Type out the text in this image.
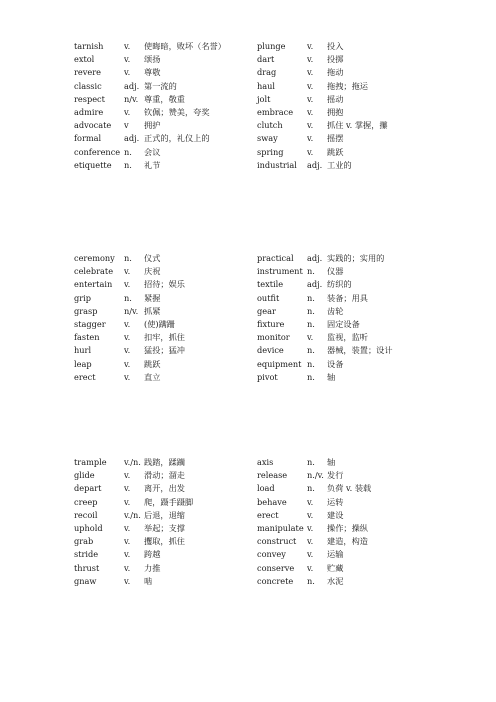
tarnish	v. 使晦暗，败坏（名誉）
extol	v. 颂扬
revere	v. 尊敬
classic	adj. 第一流的
respect n/v. 尊重，敬重
admire	v. 钦佩；赞美，夸奖
advocate v 拥护
formal	adj. 正式的，礼仪上的
conference n. 会议
etiquette n. 礼节
plunge	v. 投入
dart	v. 投掷
drag	v. 拖动
haul	v. 拖拽；拖运
jolt	v. 摇动
embrace v. 拥抱
clutch	v. 抓住 v. 掌握，攥
sway	v. 摇摆
spring	v. 跳跃
industrial adj. 工业的
ceremony n. 仪式
celebrate v. 庆祝
entertain v. 招待；娱乐
grip	n. 紧握
grasp	n/v. 抓紧
stagger v. (使)蹒跚
fasten	v. 扣牢，抓住
hurl	v. 猛投；猛冲
leap	v. 跳跃
erect	v. 直立
practical adj. 实践的；实用的
instrument n. 仪器
textile	adj. 纺织的
outfit	n. 装备；用具
gear	n. 齿轮
fixture	n. 固定设备
monitor v. 监视，监听
device	n. 器械，装置；设计
equipment n. 设备
pivot	n. 轴
trample v./n. 践踏，蹂躏
glide	v. 滑动；溜走
depart	v. 离开，出发
creep	v. 爬，蹑手蹑脚
recoil	v./n. 后退，退缩
uphold	v. 举起；支撑
grab	v. 攫取，抓住
stride	v. 跨越
thrust	v. 力推
gnaw	v. 啮
axis	n. 轴
release n./v. 发行
load	n. 负荷 v. 装载
behave v. 运转
erect	v. 建设
manipulate v. 操作；操纵
construct v. 建造，构造
convey	v. 运输
conserve v. 贮藏
concrete n. 水泥
